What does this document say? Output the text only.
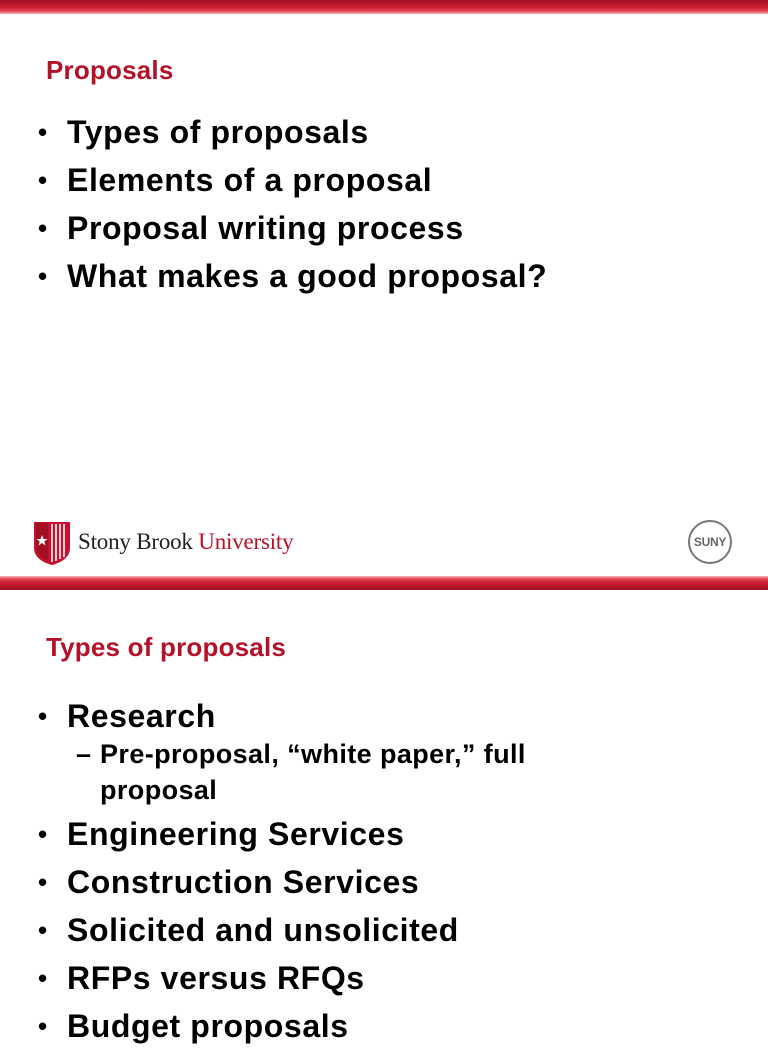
Proposals
• Types of proposals
• Elements of a proposal
• Proposal writing process
• What makes a good proposal?
Stony Brook University	SUNY
Types of proposals
• Research
– Pre-proposal, “white paper,” full
proposal
• Engineering Services
• Construction Services
• Solicited and unsolicited
• RFPs versus RFQs
• Budget proposals
